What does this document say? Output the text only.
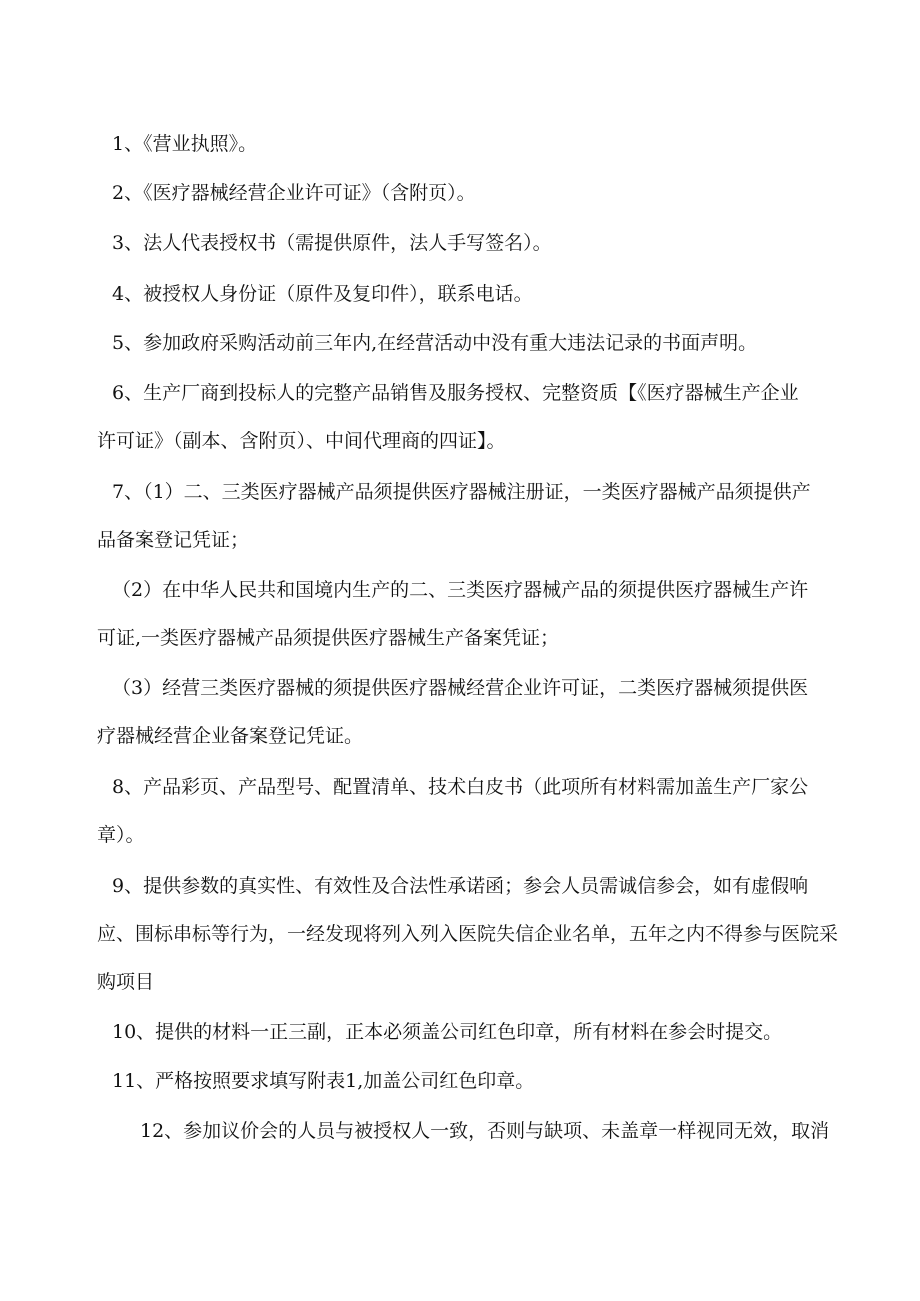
1、《营业执照》。

2、《医疗器械经营企业许可证》（含附页）。

3、法人代表授权书（需提供原件，法人手写签名）。

4、被授权人身份证（原件及复印件），联系电话。

5、参加政府采购活动前三年内,在经营活动中没有重大违法记录的书面声明。

6、生产厂商到投标人的完整产品销售及服务授权、完整资质【《医疗器械生产企业
许可证》（副本、含附页）、中间代理商的四证】。

7、（1）二、三类医疗器械产品须提供医疗器械注册证，一类医疗器械产品须提供产
品备案登记凭证；

（2）在中华人民共和国境内生产的二、三类医疗器械产品的须提供医疗器械生产许
可证,一类医疗器械产品须提供医疗器械生产备案凭证；

（3）经营三类医疗器械的须提供医疗器械经营企业许可证，二类医疗器械须提供医
疗器械经营企业备案登记凭证。

8、产品彩页、产品型号、配置清单、技术白皮书（此项所有材料需加盖生产厂家公
章）。

9、提供参数的真实性、有效性及合法性承诺函；参会人员需诚信参会，如有虚假响
应、围标串标等行为，一经发现将列入列入医院失信企业名单，五年之内不得参与医院采
购项目

10、提供的材料一正三副，正本必须盖公司红色印章，所有材料在参会时提交。

11、严格按照要求填写附表1,加盖公司红色印章。

12、参加议价会的人员与被授权人一致，否则与缺项、未盖章一样视同无效，取消
